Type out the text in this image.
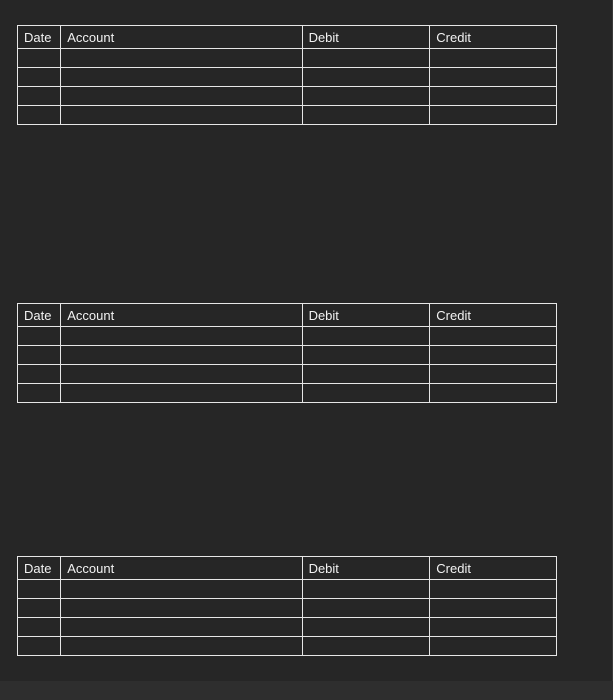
Date	Account	Debit	Credit

Date	Account	Debit	Credit

Date	Account	Debit	Credit
